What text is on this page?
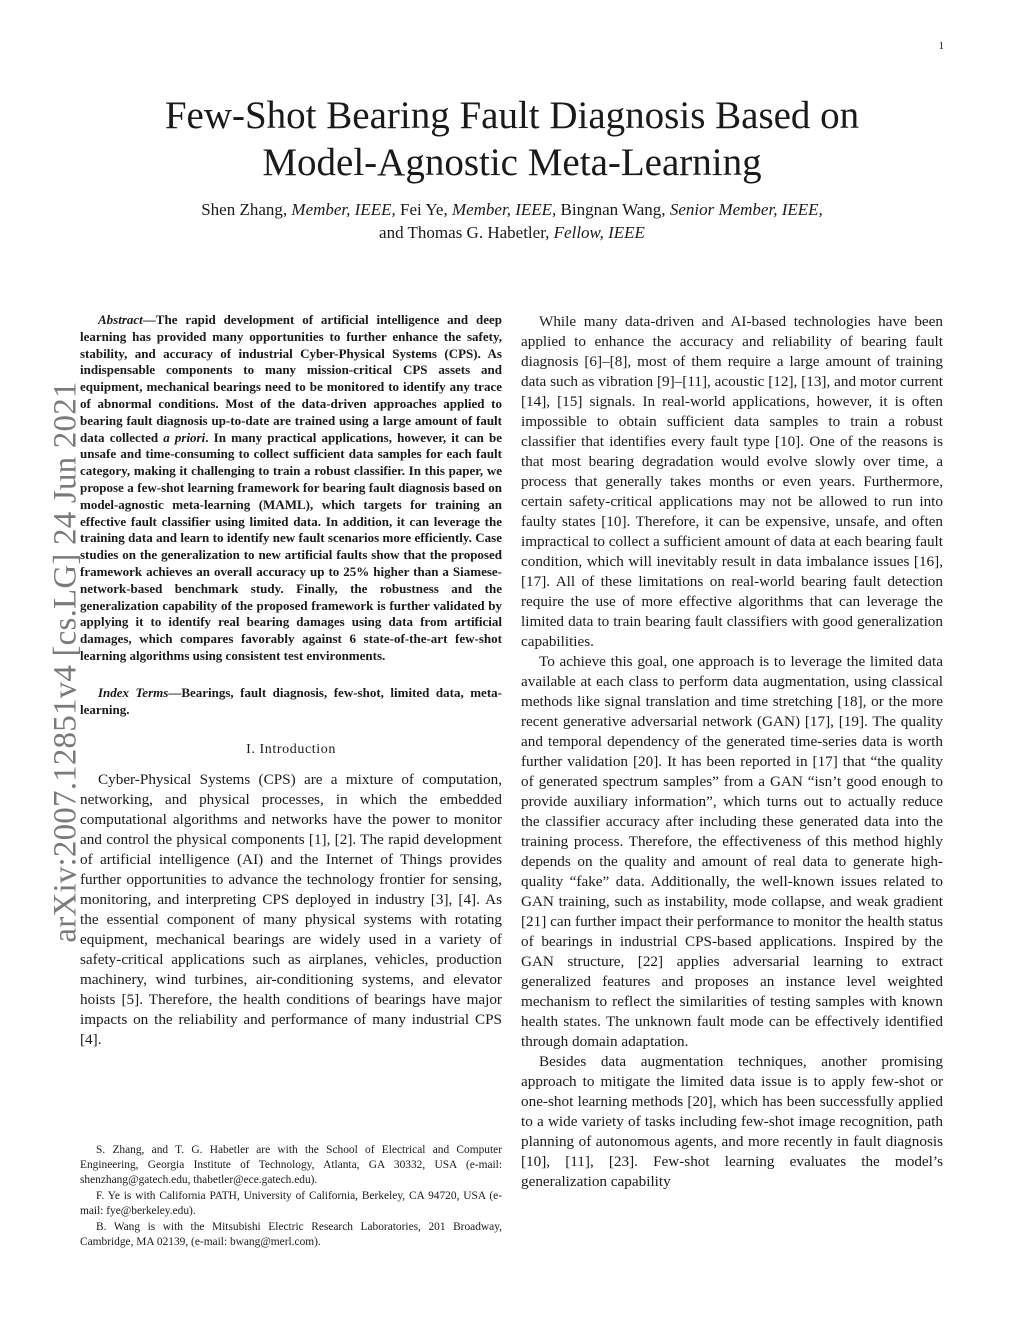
1
arXiv:2007.12851v4 [cs.LG] 24 Jun 2021
Few-Shot Bearing Fault Diagnosis Based on Model-Agnostic Meta-Learning
Shen Zhang, Member, IEEE, Fei Ye, Member, IEEE, Bingnan Wang, Senior Member, IEEE,
and Thomas G. Habetler, Fellow, IEEE

Abstract—The rapid development of artificial intelligence and deep learning has provided many opportunities to further enhance the safety, stability, and accuracy of industrial Cyber-Physical Systems (CPS). As indispensable components to many mission-critical CPS assets and equipment, mechanical bearings need to be monitored to identify any trace of abnormal conditions. Most of the data-driven approaches applied to bearing fault diagnosis up-to-date are trained using a large amount of fault data collected a priori. In many practical applications, however, it can be unsafe and time-consuming to collect sufficient data samples for each fault category, making it challenging to train a robust classifier. In this paper, we propose a few-shot learning framework for bearing fault diagnosis based on model-agnostic meta-learning (MAML), which targets for training an effective fault classifier using limited data. In addition, it can leverage the training data and learn to identify new fault scenarios more efficiently. Case studies on the generalization to new artificial faults show that the proposed framework achieves an overall accuracy up to 25% higher than a Siamese-network-based benchmark study. Finally, the robustness and the generalization capability of the proposed framework is further validated by applying it to identify real bearing damages using data from artificial damages, which compares favorably against 6 state-of-the-art few-shot learning algorithms using consistent test environments.

Index Terms—Bearings, fault diagnosis, few-shot, limited data, meta-learning.

I. Introduction

Cyber-Physical Systems (CPS) are a mixture of computation, networking, and physical processes, in which the embedded computational algorithms and networks have the power to monitor and control the physical components [1], [2]. The rapid development of artificial intelligence (AI) and the Internet of Things provides further opportunities to advance the technology frontier for sensing, monitoring, and interpreting CPS deployed in industry [3], [4]. As the essential component of many physical systems with rotating equipment, mechanical bearings are widely used in a variety of safety-critical applications such as airplanes, vehicles, production machinery, wind turbines, air-conditioning systems, and elevator hoists [5]. Therefore, the health conditions of bearings have major impacts on the reliability and performance of many industrial CPS [4].

S. Zhang, and T. G. Habetler are with the School of Electrical and Computer Engineering, Georgia Institute of Technology, Atlanta, GA 30332, USA (e-mail: shenzhang@gatech.edu, thabetler@ece.gatech.edu).

F. Ye is with California PATH, University of California, Berkeley, CA 94720, USA (e-mail: fye@berkeley.edu).

B. Wang is with the Mitsubishi Electric Research Laboratories, 201 Broadway, Cambridge, MA 02139, (e-mail: bwang@merl.com).

While many data-driven and AI-based technologies have been applied to enhance the accuracy and reliability of bearing fault diagnosis [6]–[8], most of them require a large amount of training data such as vibration [9]–[11], acoustic [12], [13], and motor current [14], [15] signals. In real-world applications, however, it is often impossible to obtain sufficient data samples to train a robust classifier that identifies every fault type [10]. One of the reasons is that most bearing degradation would evolve slowly over time, a process that generally takes months or even years. Furthermore, certain safety-critical applications may not be allowed to run into faulty states [10]. Therefore, it can be expensive, unsafe, and often impractical to collect a sufficient amount of data at each bearing fault condition, which will inevitably result in data imbalance issues [16], [17]. All of these limitations on real-world bearing fault detection require the use of more effective algorithms that can leverage the limited data to train bearing fault classifiers with good generalization capabilities.

To achieve this goal, one approach is to leverage the limited data available at each class to perform data augmentation, using classical methods like signal translation and time stretching [18], or the more recent generative adversarial network (GAN) [17], [19]. The quality and temporal dependency of the generated time-series data is worth further validation [20]. It has been reported in [17] that “the quality of generated spectrum samples” from a GAN “isn’t good enough to provide auxiliary information”, which turns out to actually reduce the classifier accuracy after including these generated data into the training process. Therefore, the effectiveness of this method highly depends on the quality and amount of real data to generate high-quality “fake” data. Additionally, the well-known issues related to GAN training, such as instability, mode collapse, and weak gradient [21] can further impact their performance to monitor the health status of bearings in industrial CPS-based applications. Inspired by the GAN structure, [22] applies adversarial learning to extract generalized features and proposes an instance level weighted mechanism to reflect the similarities of testing samples with known health states. The unknown fault mode can be effectively identified through domain adaptation.

Besides data augmentation techniques, another promising approach to mitigate the limited data issue is to apply few-shot or one-shot learning methods [20], which has been successfully applied to a wide variety of tasks including few-shot image recognition, path planning of autonomous agents, and more recently in fault diagnosis [10], [11], [23]. Few-shot learning evaluates the model’s generalization capability
